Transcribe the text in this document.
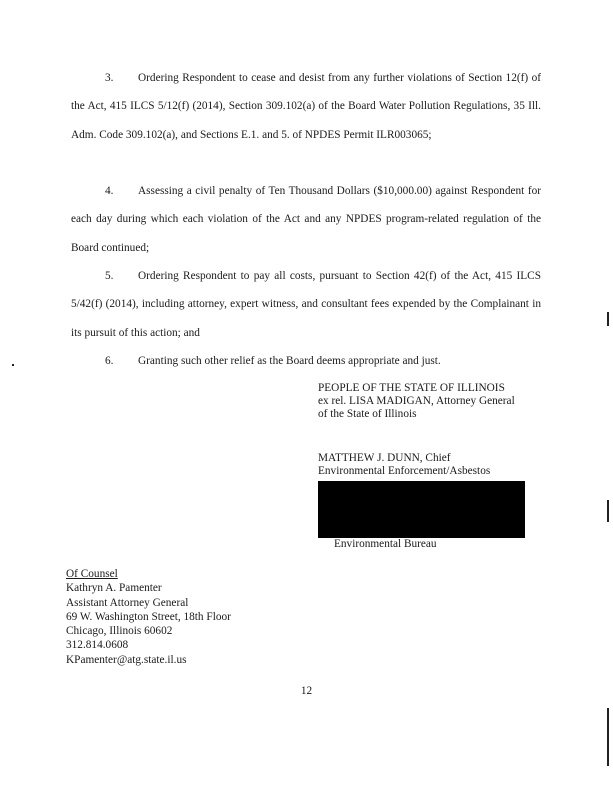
3. Ordering Respondent to cease and desist from any further violations of Section 12(f) of the Act, 415 ILCS 5/12(f) (2014), Section 309.102(a) of the Board Water Pollution Regulations, 35 Ill. Adm. Code 309.102(a), and Sections E.1. and 5. of NPDES Permit ILR003065;
4. Assessing a civil penalty of Ten Thousand Dollars ($10,000.00) against Respondent for each day during which each violation of the Act and any NPDES program-related regulation of the Board continued;
5. Ordering Respondent to pay all costs, pursuant to Section 42(f) of the Act, 415 ILCS 5/42(f) (2014), including attorney, expert witness, and consultant fees expended by the Complainant in its pursuit of this action; and
6. Granting such other relief as the Board deems appropriate and just.
PEOPLE OF THE STATE OF ILLINOIS
ex rel. LISA MADIGAN, Attorney General
of the State of Illinois
MATTHEW J. DUNN, Chief
Environmental Enforcement/Asbestos
Environmental Bureau
Of Counsel
Kathryn A. Pamenter
Assistant Attorney General
69 W. Washington Street, 18th Floor
Chicago, Illinois 60602
312.814.0608
KPamenter@atg.state.il.us
12
